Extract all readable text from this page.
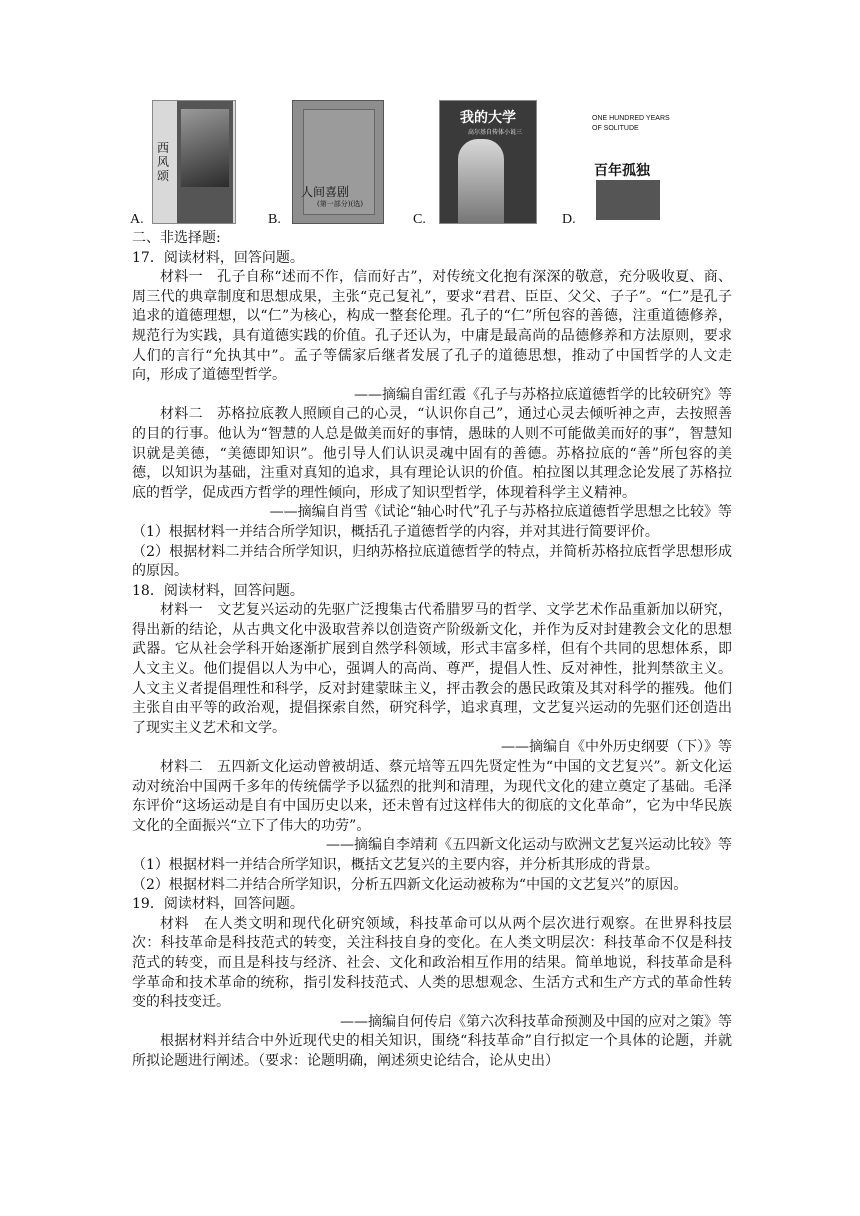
A.
西风颂
B.
人间喜剧
(第一部分)(选)
C.
我的大学
高尔基自传体小说三
D.
ONE HUNDRED YEARS OF SOLITUDE
百年孤独

二、非选择题:

17．阅读材料，回答问题。

材料一　孔子自称“述而不作，信而好古”，对传统文化抱有深深的敬意，充分吸收夏、商、周三代的典章制度和思想成果，主张“克己复礼”，要求“君君、臣臣、父父、子子”。“仁”是孔子追求的道德理想，以“仁”为核心，构成一整套伦理。孔子的“仁”所包容的善德，注重道德修养，规范行为实践，具有道德实践的价值。孔子还认为，中庸是最高尚的品德修养和方法原则，要求人们的言行“允执其中”。孟子等儒家后继者发展了孔子的道德思想，推动了中国哲学的人文走向，形成了道德型哲学。

——摘编自雷红霞《孔子与苏格拉底道德哲学的比较研究》等

材料二　苏格拉底教人照顾自己的心灵，“认识你自己”，通过心灵去倾听神之声，去按照善的目的行事。他认为“智慧的人总是做美而好的事情，愚昧的人则不可能做美而好的事”，智慧知识就是美德，“美德即知识”。他引导人们认识灵魂中固有的善德。苏格拉底的“善”所包容的美德，以知识为基础，注重对真知的追求，具有理论认识的价值。柏拉图以其理念论发展了苏格拉底的哲学，促成西方哲学的理性倾向，形成了知识型哲学，体现着科学主义精神。

——摘编自肖雪《试论“轴心时代”孔子与苏格拉底道德哲学思想之比较》等

（1）根据材料一并结合所学知识，概括孔子道德哲学的内容，并对其进行简要评价。

（2）根据材料二并结合所学知识，归纳苏格拉底道德哲学的特点，并简析苏格拉底哲学思想形成的原因。

18．阅读材料，回答问题。

材料一　文艺复兴运动的先驱广泛搜集古代希腊罗马的哲学、文学艺术作品重新加以研究，得出新的结论，从古典文化中汲取营养以创造资产阶级新文化，并作为反对封建教会文化的思想武器。它从社会学科开始逐渐扩展到自然学科领域，形式丰富多样，但有个共同的思想体系，即人文主义。他们提倡以人为中心，强调人的高尚、尊严，提倡人性、反对神性，批判禁欲主义。人文主义者提倡理性和科学，反对封建蒙昧主义，抨击教会的愚民政策及其对科学的摧残。他们主张自由平等的政治观，提倡探索自然，研究科学，追求真理，文艺复兴运动的先驱们还创造出了现实主义艺术和文学。

——摘编自《中外历史纲要（下）》等

材料二　五四新文化运动曾被胡适、蔡元培等五四先贤定性为“中国的文艺复兴”。新文化运动对统治中国两千多年的传统儒学予以猛烈的批判和清理，为现代文化的建立奠定了基础。毛泽东评价“这场运动是自有中国历史以来，还未曾有过这样伟大的彻底的文化革命”，它为中华民族文化的全面振兴“立下了伟大的功劳”。

——摘编自李靖莉《五四新文化运动与欧洲文艺复兴运动比较》等

（1）根据材料一并结合所学知识，概括文艺复兴的主要内容，并分析其形成的背景。

（2）根据材料二并结合所学知识，分析五四新文化运动被称为“中国的文艺复兴”的原因。

19．阅读材料，回答问题。

材料　在人类文明和现代化研究领域，科技革命可以从两个层次进行观察。在世界科技层次：科技革命是科技范式的转变，关注科技自身的变化。在人类文明层次：科技革命不仅是科技范式的转变，而且是科技与经济、社会、文化和政治相互作用的结果。简单地说，科技革命是科学革命和技术革命的统称，指引发科技范式、人类的思想观念、生活方式和生产方式的革命性转变的科技变迁。

——摘编自何传启《第六次科技革命预测及中国的应对之策》等

根据材料并结合中外近现代史的相关知识，围绕“科技革命”自行拟定一个具体的论题，并就所拟论题进行阐述。（要求：论题明确，阐述须史论结合，论从史出）
